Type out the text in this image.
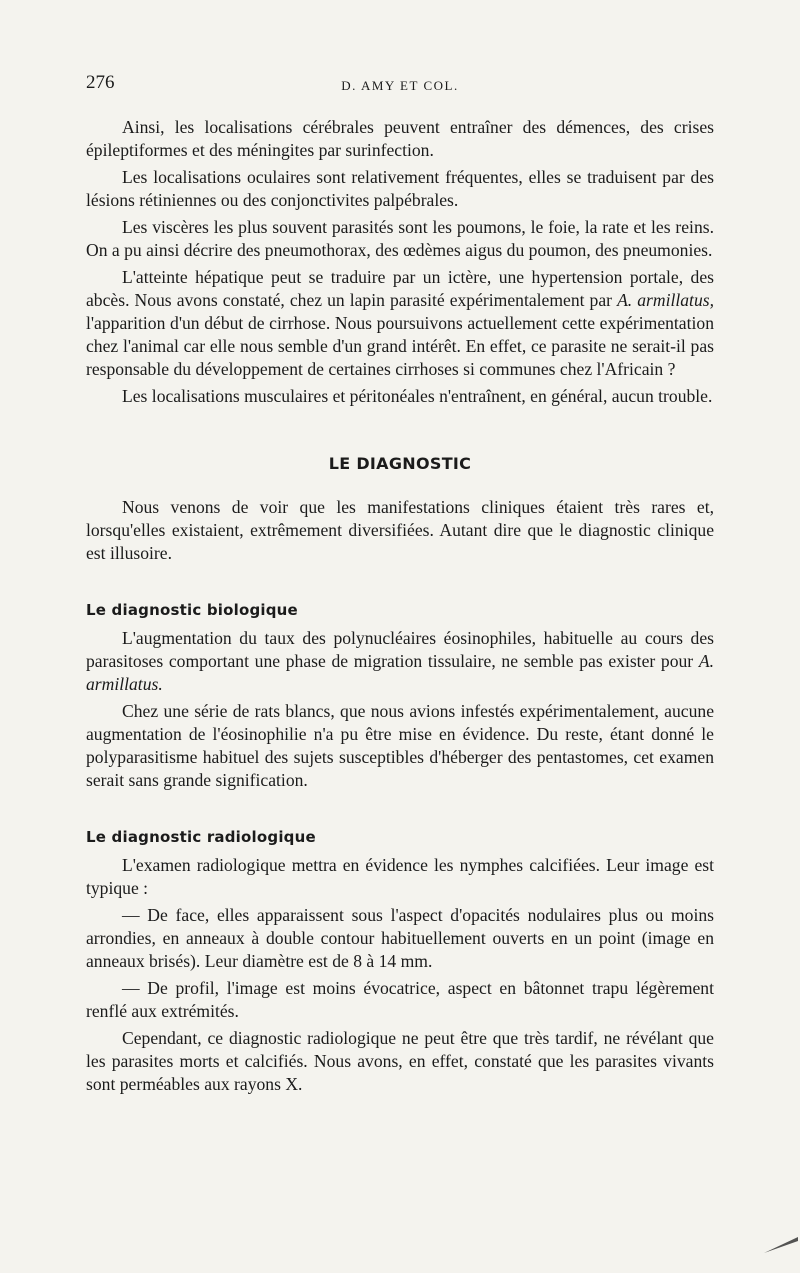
276	D. AMY ET COL.

Ainsi, les localisations cérébrales peuvent entraîner des démences, des crises épileptiformes et des méningites par surinfection.

Les localisations oculaires sont relativement fréquentes, elles se traduisent par des lésions rétiniennes ou des conjonctivites palpébrales.

Les viscères les plus souvent parasités sont les poumons, le foie, la rate et les reins. On a pu ainsi décrire des pneumothorax, des œdèmes aigus du poumon, des pneumonies.

L'atteinte hépatique peut se traduire par un ictère, une hypertension portale, des abcès. Nous avons constaté, chez un lapin parasité expérimentalement par A. armillatus, l'apparition d'un début de cirrhose. Nous poursuivons actuellement cette expérimentation chez l'animal car elle nous semble d'un grand intérêt. En effet, ce parasite ne serait-il pas responsable du développement de certaines cirrhoses si communes chez l'Africain ?

Les localisations musculaires et péritonéales n'entraînent, en général, aucun trouble.

LE DIAGNOSTIC

Nous venons de voir que les manifestations cliniques étaient très rares et, lorsqu'elles existaient, extrêmement diversifiées. Autant dire que le diagnostic clinique est illusoire.

Le diagnostic biologique

L'augmentation du taux des polynucléaires éosinophiles, habituelle au cours des parasitoses comportant une phase de migration tissulaire, ne semble pas exister pour A. armillatus.

Chez une série de rats blancs, que nous avions infestés expérimentalement, aucune augmentation de l'éosinophilie n'a pu être mise en évidence. Du reste, étant donné le polyparasitisme habituel des sujets susceptibles d'héberger des pentastomes, cet examen serait sans grande signification.

Le diagnostic radiologique

L'examen radiologique mettra en évidence les nymphes calcifiées. Leur image est typique :

— De face, elles apparaissent sous l'aspect d'opacités nodulaires plus ou moins arrondies, en anneaux à double contour habituellement ouverts en un point (image en anneaux brisés). Leur diamètre est de 8 à 14 mm.

— De profil, l'image est moins évocatrice, aspect en bâtonnet trapu légèrement renflé aux extrémités.

Cependant, ce diagnostic radiologique ne peut être que très tardif, ne révélant que les parasites morts et calcifiés. Nous avons, en effet, constaté que les parasites vivants sont perméables aux rayons X.
